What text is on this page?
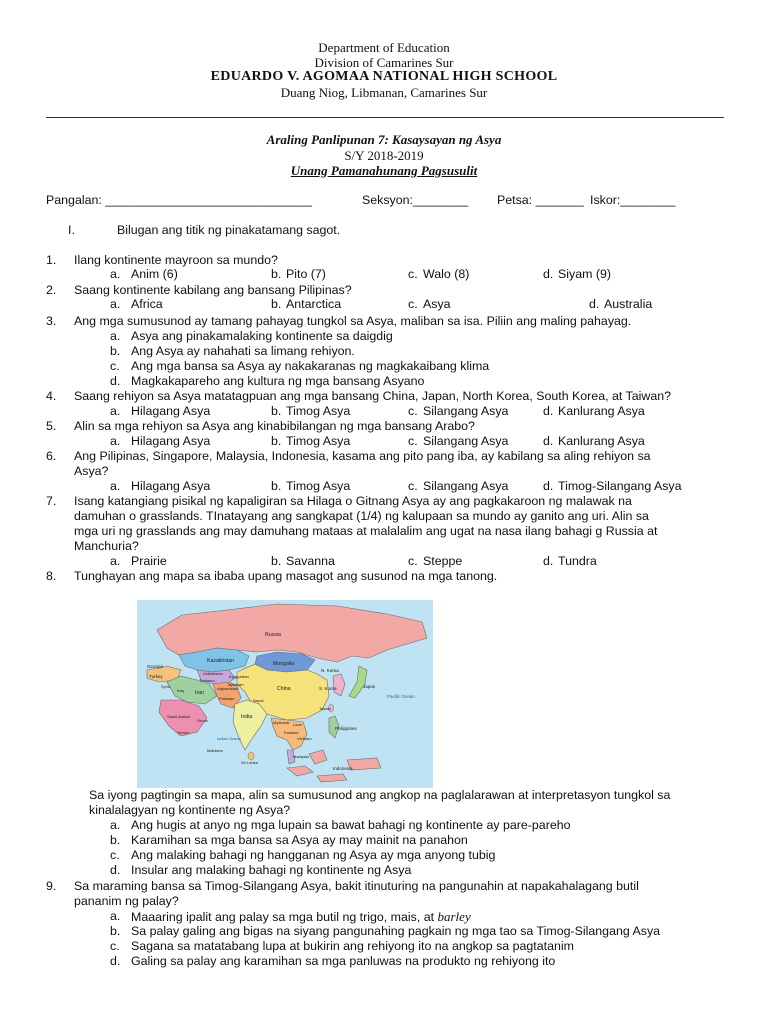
Department of Education
Division of Camarines Sur
EDUARDO V. AGOMAA NATIONAL HIGH SCHOOL
Duang Niog, Libmanan, Camarines Sur
Araling Panlipunan 7: Kasaysayan ng Asya
S/Y 2018-2019
Unang Pamanahunang Pagsusulit
Pangalan: ______________________________	Seksyon:________ Petsa: _______ Iskor:________
I.	Bilugan ang titik ng pinakatamang sagot.
1. Ilang kontinente mayroon sa mundo?
a. Anim (6)	b. Pito (7)	c. Walo (8)	d. Siyam (9)
2. Saang kontinente kabilang ang bansang Pilipinas?
a. Africa	b. Antarctica	c. Asya	d. Australia
3. Ang mga sumusunod ay tamang pahayag tungkol sa Asya, maliban sa isa. Piliin ang maling pahayag.
a. Asya ang pinakamalaking kontinente sa daigdig
b. Ang Asya ay nahahati sa limang rehiyon.
c. Ang mga bansa sa Asya ay nakakaranas ng magkakaibang klima
d. Magkakapareho ang kultura ng mga bansang Asyano
4. Saang rehiyon sa Asya matatagpuan ang mga bansang China, Japan, North Korea, South Korea, at Taiwan?
a. Hilagang Asya	b. Timog Asya	c. Silangang Asya	d. Kanlurang Asya
5. Alin sa mga rehiyon sa Asya ang kinabibilangan ng mga bansang Arabo?
a. Hilagang Asya	b. Timog Asya	c. Silangang Asya	d. Kanlurang Asya
6. Ang Pilipinas, Singapore, Malaysia, Indonesia, kasama ang pito pang iba, ay kabilang sa aling rehiyon sa
Asya?
a. Hilagang Asya	b. Timog Asya	c. Silangang Asya	d. Timog-Silangang Asya
7. Isang katangiang pisikal ng kapaligiran sa Hilaga o Gitnang Asya ay ang pagkakaroon ng malawak na
damuhan o grasslands. TInatayang ang sangkapat (1/4) ng kalupaan sa mundo ay ganito ang uri. Alin sa
mga uri ng grasslands ang may damuhang mataas at malalalim ang ugat na nasa ilang bahagi g Russia at
Manchuria?
a. Prairie	b. Savanna	c. Steppe	d. Tundra
8. Tunghayan ang mapa sa ibaba upang masagot ang susunod na mga tanong.
Russia
Kazakhstan
Uzbekistan
Kyrgyzstan
Tajikistan
Turkmen.
Mongolia
China
N. Korea
S. Korea	Japan
Georgia
Turkey
Syria
Iraq Iran
Afghanistan
Pakistan	Nepal
India
Saudi Arabia
Yemen
Oman	Myanmar
Thailand
Laos
Vietnam
Philippines
Malaysia
Indonesia
Sri Lanka
Maldives
Indian Ocean
Pacific Ocean
Taiwan
Sa iyong pagtingin sa mapa, alin sa sumusunod ang angkop na paglalarawan at interpretasyon tungkol sa
kinalalagyan ng kontinente ng Asya?
a. Ang hugis at anyo ng mga lupain sa bawat bahagi ng kontinente ay pare-pareho
b. Karamihan sa mga bansa sa Asya ay may mainit na panahon
c. Ang malaking bahagi ng hangganan ng Asya ay mga anyong tubig
d. Insular ang malaking bahagi ng kontinente ng Asya
9. Sa maraming bansa sa Timog-Silangang Asya, bakit itinuturing na pangunahin at napakahalagang butil
pananim ng palay?
a. Maaaring ipalit ang palay sa mga butil ng trigo, mais, at barley
b. Sa palay galing ang bigas na siyang pangunahing pagkain ng mga tao sa Timog-Silangang Asya
c. Sagana sa matatabang lupa at bukirin ang rehiyong ito na angkop sa pagtatanim
d. Galing sa palay ang karamihan sa mga panluwas na produkto ng rehiyong ito
